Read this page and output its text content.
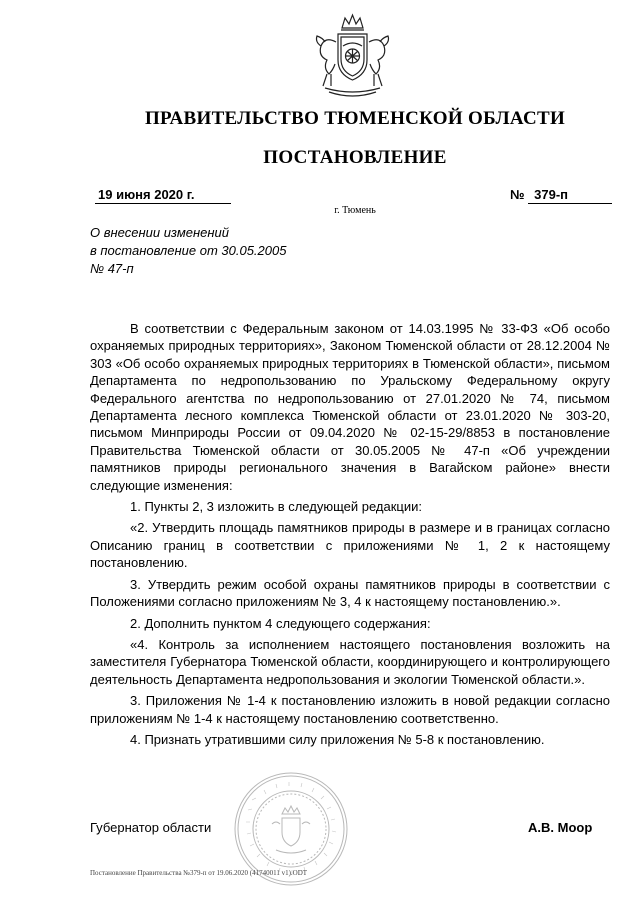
ПРАВИТЕЛЬСТВО ТЮМЕНСКОЙ ОБЛАСТИ
ПОСТАНОВЛЕНИЕ
19 июня 2020 г.	№ 379-п
г. Тюмень
О внесении изменений
в постановление от 30.05.2005
№ 47-п

В соответствии с Федеральным законом от 14.03.1995 № 33-ФЗ «Об особо охраняемых природных территориях», Законом Тюменской области от 28.12.2004 № 303 «Об особо охраняемых природных территориях в Тюменской области», письмом Департамента по недропользованию по Уральскому Федеральному округу Федерального агентства по недропользованию от 27.01.2020 № 74, письмом Департамента лесного комплекса Тюменской области от 23.01.2020 № 303-20, письмом Минприроды России от 09.04.2020 № 02-15-29/8853 в постановление Правительства Тюменской области от 30.05.2005 № 47-п «Об учреждении памятников природы регионального значения в Вагайском районе» внести следующие изменения:

1. Пункты 2, 3 изложить в следующей редакции:

«2. Утвердить площадь памятников природы в размере и в границах согласно Описанию границ в соответствии с приложениями № 1, 2 к настоящему постановлению.

3. Утвердить режим особой охраны памятников природы в соответствии с Положениями согласно приложениям № 3, 4 к настоящему постановлению.».

2. Дополнить пунктом 4 следующего содержания:

«4. Контроль за исполнением настоящего постановления возложить на заместителя Губернатора Тюменской области, координирующего и контролирующего деятельность Департамента недропользования и экологии Тюменской области.».

3. Приложения № 1-4 к постановлению изложить в новой редакции согласно приложениям № 1-4 к настоящему постановлению соответственно.

4. Признать утратившими силу приложения № 5-8 к постановлению.

Губернатор области	А.В. Моор
Постановление Правительства №379-п от 19.06.2020 (41740011 v1).ODT
